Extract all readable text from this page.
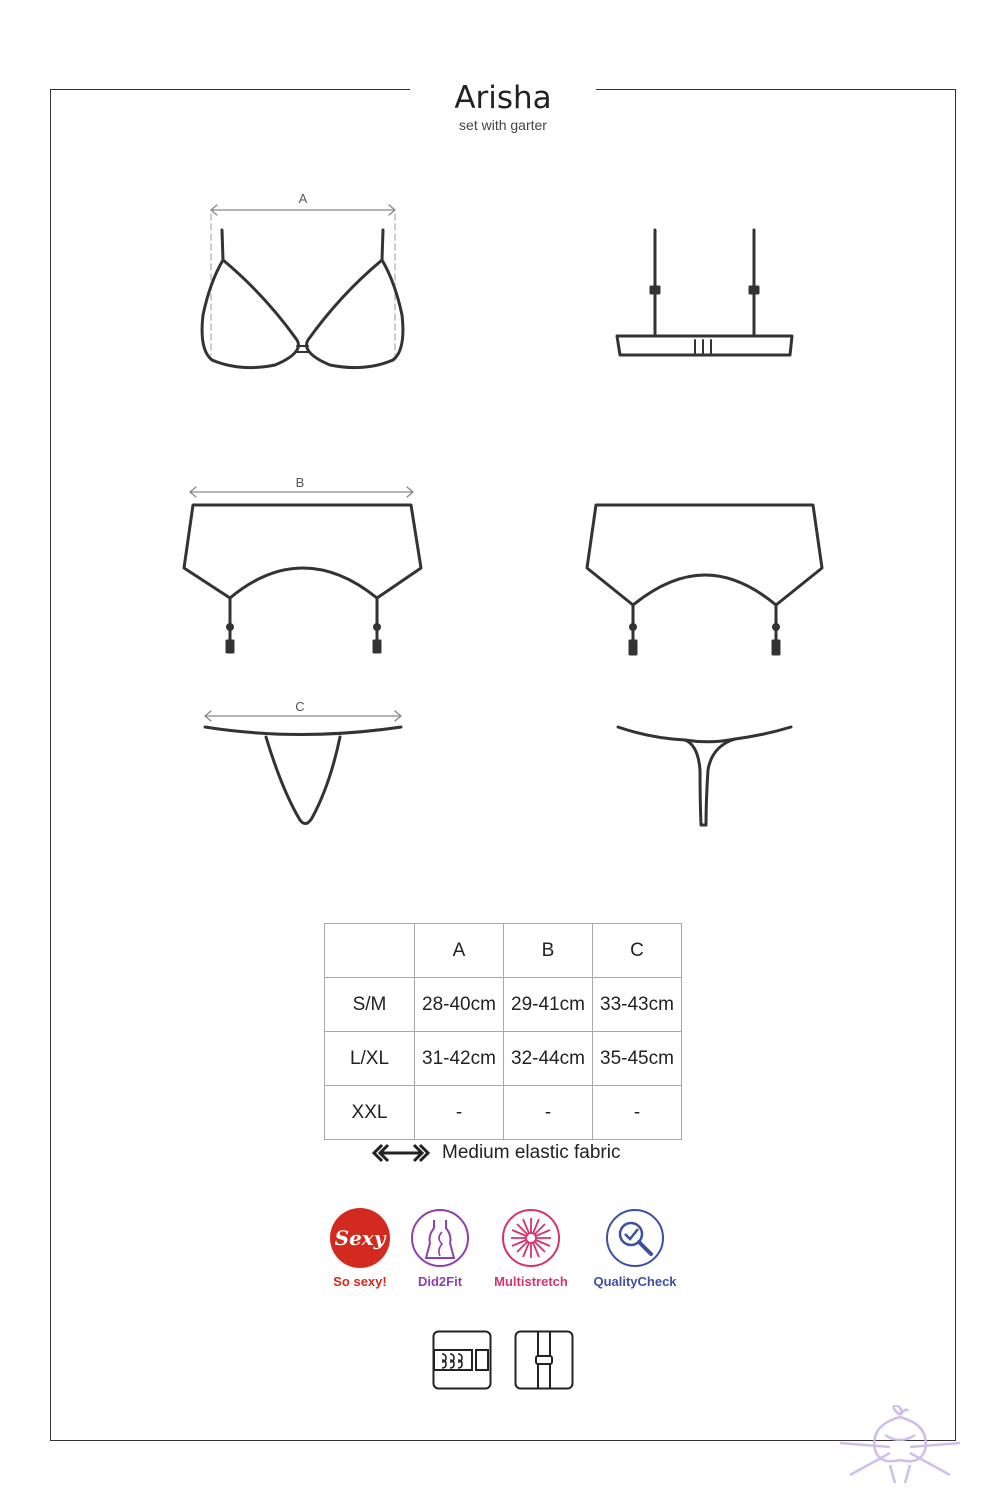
Arisha
set with garter
A
B
C
	A	B	C
S/M	28-40cm	29-41cm	33-43cm
L/XL	31-42cm	32-44cm	35-45cm
XXL	-	-	-
Medium elastic fabric
Sexy
So sexy!	Did2Fit	Multistretch	QualityCheck
